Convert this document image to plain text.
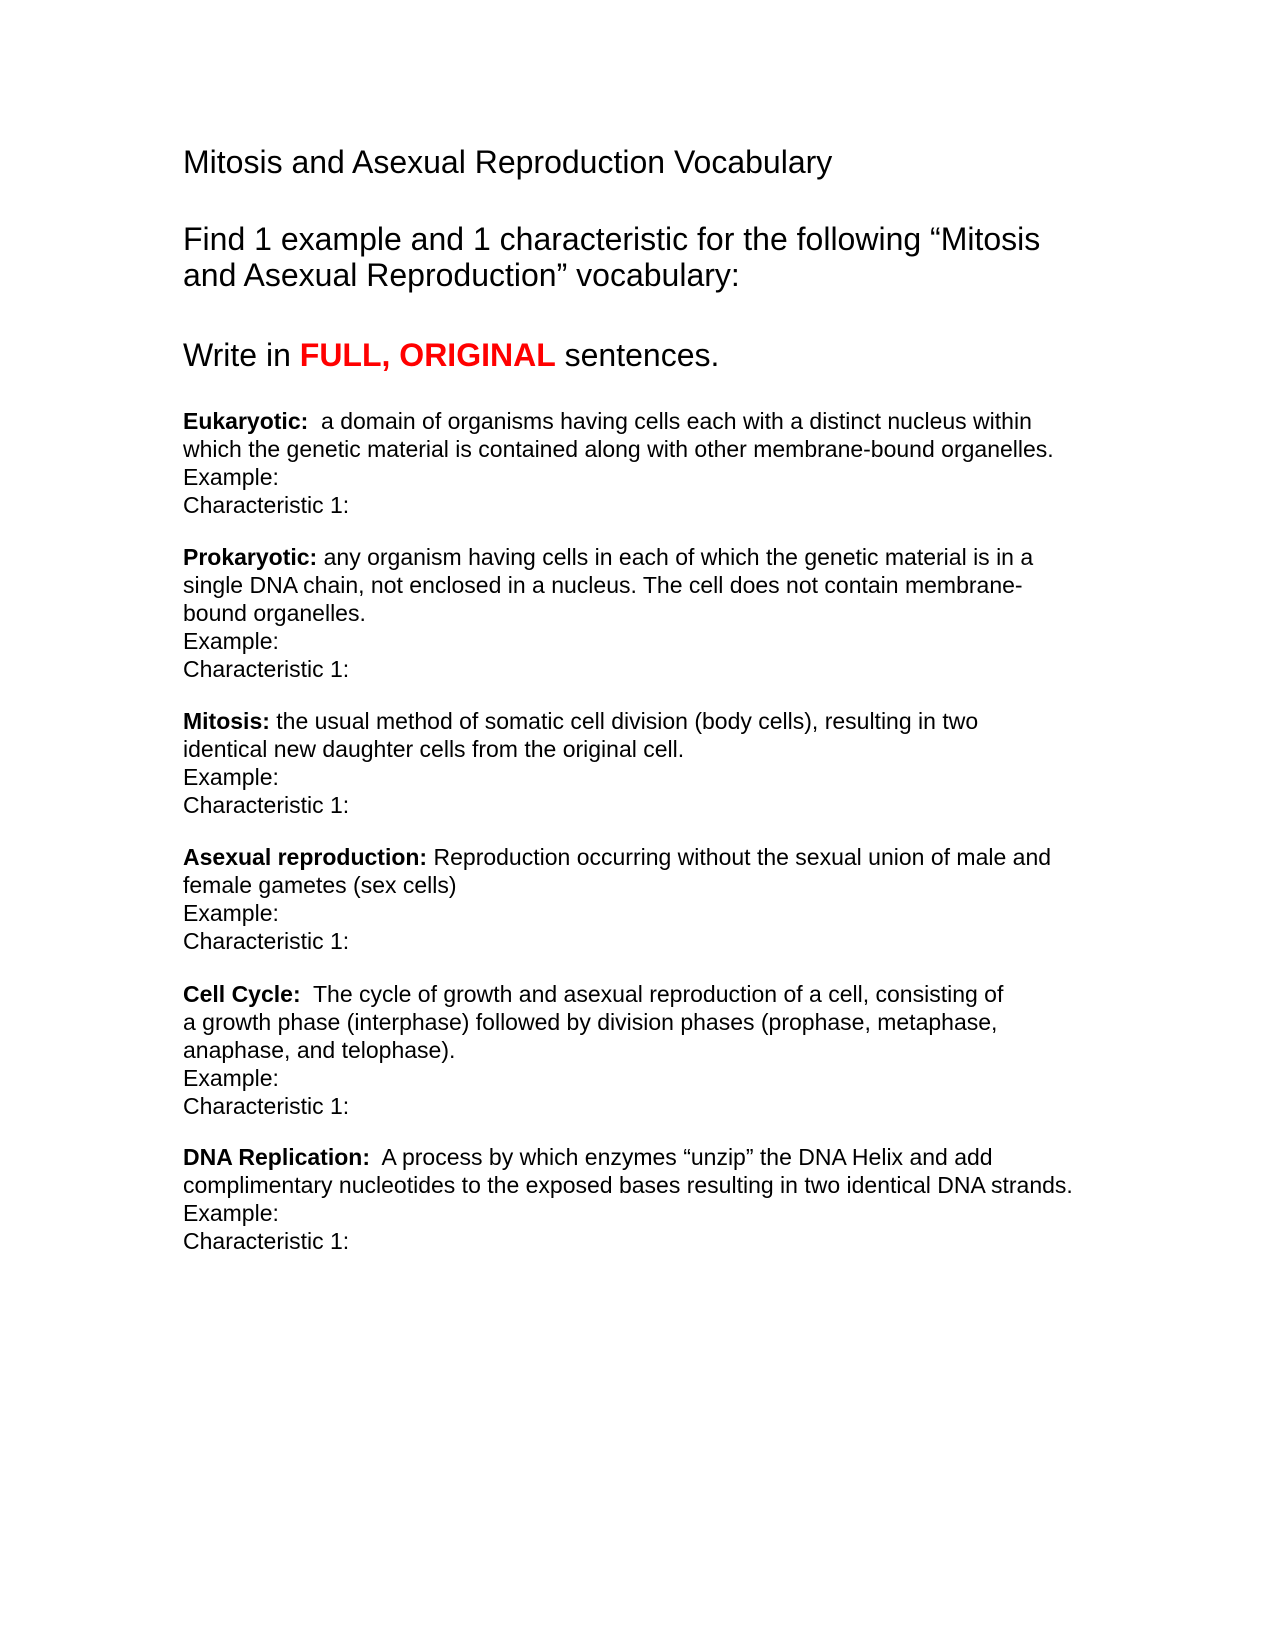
Mitosis and Asexual Reproduction Vocabulary
Find 1 example and 1 characteristic for the following “Mitosis
and Asexual Reproduction” vocabulary:
Write in FULL, ORIGINAL sentences.
Eukaryotic:  a domain of organisms having cells each with a distinct nucleus within
which the genetic material is contained along with other membrane-bound organelles.
Example:
Characteristic 1:
Prokaryotic: any organism having cells in each of which the genetic material is in a
single DNA chain, not enclosed in a nucleus. The cell does not contain membrane-
bound organelles.
Example:
Characteristic 1:
Mitosis: the usual method of somatic cell division (body cells), resulting in two
identical new daughter cells from the original cell.
Example:
Characteristic 1:
Asexual reproduction: Reproduction occurring without the sexual union of male and
female gametes (sex cells)
Example:
Characteristic 1:
Cell Cycle:  The cycle of growth and asexual reproduction of a cell, consisting of
a growth phase (interphase) followed by division phases (prophase, metaphase,
anaphase, and telophase).
Example:
Characteristic 1:
DNA Replication:  A process by which enzymes “unzip” the DNA Helix and add
complimentary nucleotides to the exposed bases resulting in two identical DNA strands.
Example:
Characteristic 1:
